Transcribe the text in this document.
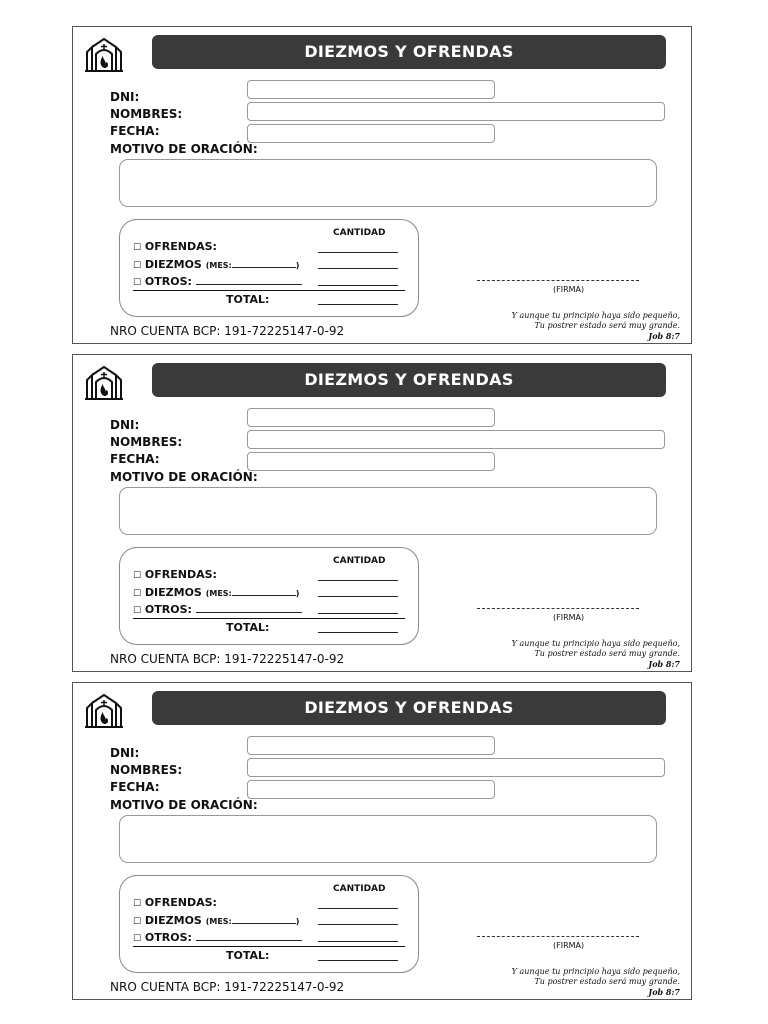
DIEZMOS Y OFRENDAS
DNI:
NOMBRES:
FECHA:
MOTIVO DE ORACIÓN:
CANTIDAD
☐ OFRENDAS:
☐ DIEZMOS (MES:	)
☐ OTROS:
TOTAL:
(FIRMA)
Y aunque tu principio haya sido pequeño,
Tu postrer estado será muy grande.
Job 8:7
NRO CUENTA BCP: 191-72225147-0-92
DIEZMOS Y OFRENDAS
DNI:
NOMBRES:
FECHA:
MOTIVO DE ORACIÓN:
CANTIDAD
☐ OFRENDAS:
☐ DIEZMOS (MES:	)
☐ OTROS:
TOTAL:
(FIRMA)
Y aunque tu principio haya sido pequeño,
Tu postrer estado será muy grande.
Job 8:7
NRO CUENTA BCP: 191-72225147-0-92
DIEZMOS Y OFRENDAS
DNI:
NOMBRES:
FECHA:
MOTIVO DE ORACIÓN:
CANTIDAD
☐ OFRENDAS:
☐ DIEZMOS (MES:	)
☐ OTROS:
TOTAL:
(FIRMA)
Y aunque tu principio haya sido pequeño,
Tu postrer estado será muy grande.
Job 8:7
NRO CUENTA BCP: 191-72225147-0-92
